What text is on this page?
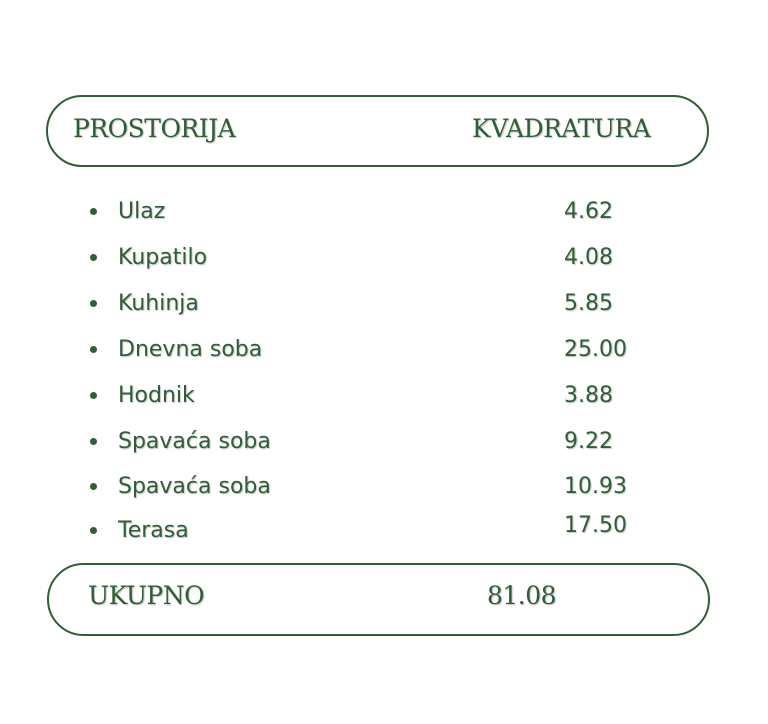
PROSTORIJA	KVADRATURA
Ulaz	4.62
Kupatilo	4.08
Kuhinja	5.85
Dnevna soba	25.00
Hodnik	3.88
Spavaća soba	9.22
Spavaća soba	10.93
Terasa	17.50
UKUPNO	81.08
